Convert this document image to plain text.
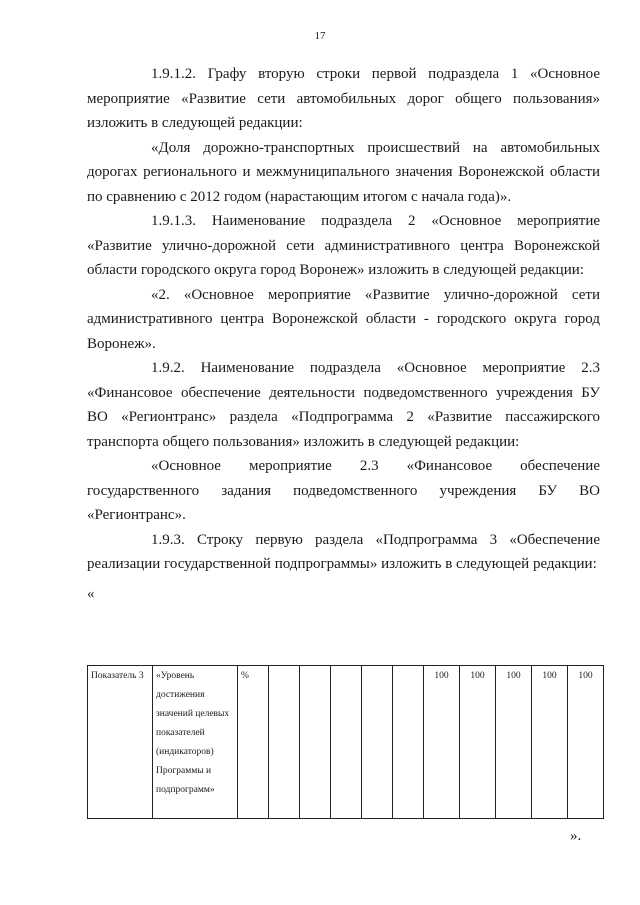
17

1.9.1.2. Графу вторую строки первой подраздела 1 «Основное мероприятие «Развитие сети автомобильных дорог общего пользования» изложить в следующей редакции:

«Доля дорожно-транспортных происшествий на автомобильных дорогах регионального и межмуниципального значения Воронежской области по сравнению с 2012 годом (нарастающим итогом с начала года)».

1.9.1.3. Наименование подраздела 2 «Основное мероприятие «Развитие улично-дорожной сети административного центра Воронежской области городского округа город Воронеж» изложить в следующей редакции:

«2. «Основное мероприятие «Развитие улично-дорожной сети административного центра Воронежской области - городского округа город Воронеж».

1.9.2. Наименование подраздела «Основное мероприятие 2.3 «Финансовое обеспечение деятельности подведомственного учреждения БУ ВО «Регионтранс» раздела «Подпрограмма 2 «Развитие пассажирского транспорта общего пользования» изложить в следующей редакции:

«Основное мероприятие 2.3 «Финансовое обеспечение государственного задания подведомственного учреждения БУ ВО «Регионтранс».

1.9.3. Строку первую раздела «Подпрограмма 3 «Обеспечение реализации государственной подпрограммы» изложить в следующей редакции:

«
Показатель 3	«Уровень достижения значений целевых показателей (индикаторов) Программы и подпрограмм»	%						100	100	100	100	100
».
